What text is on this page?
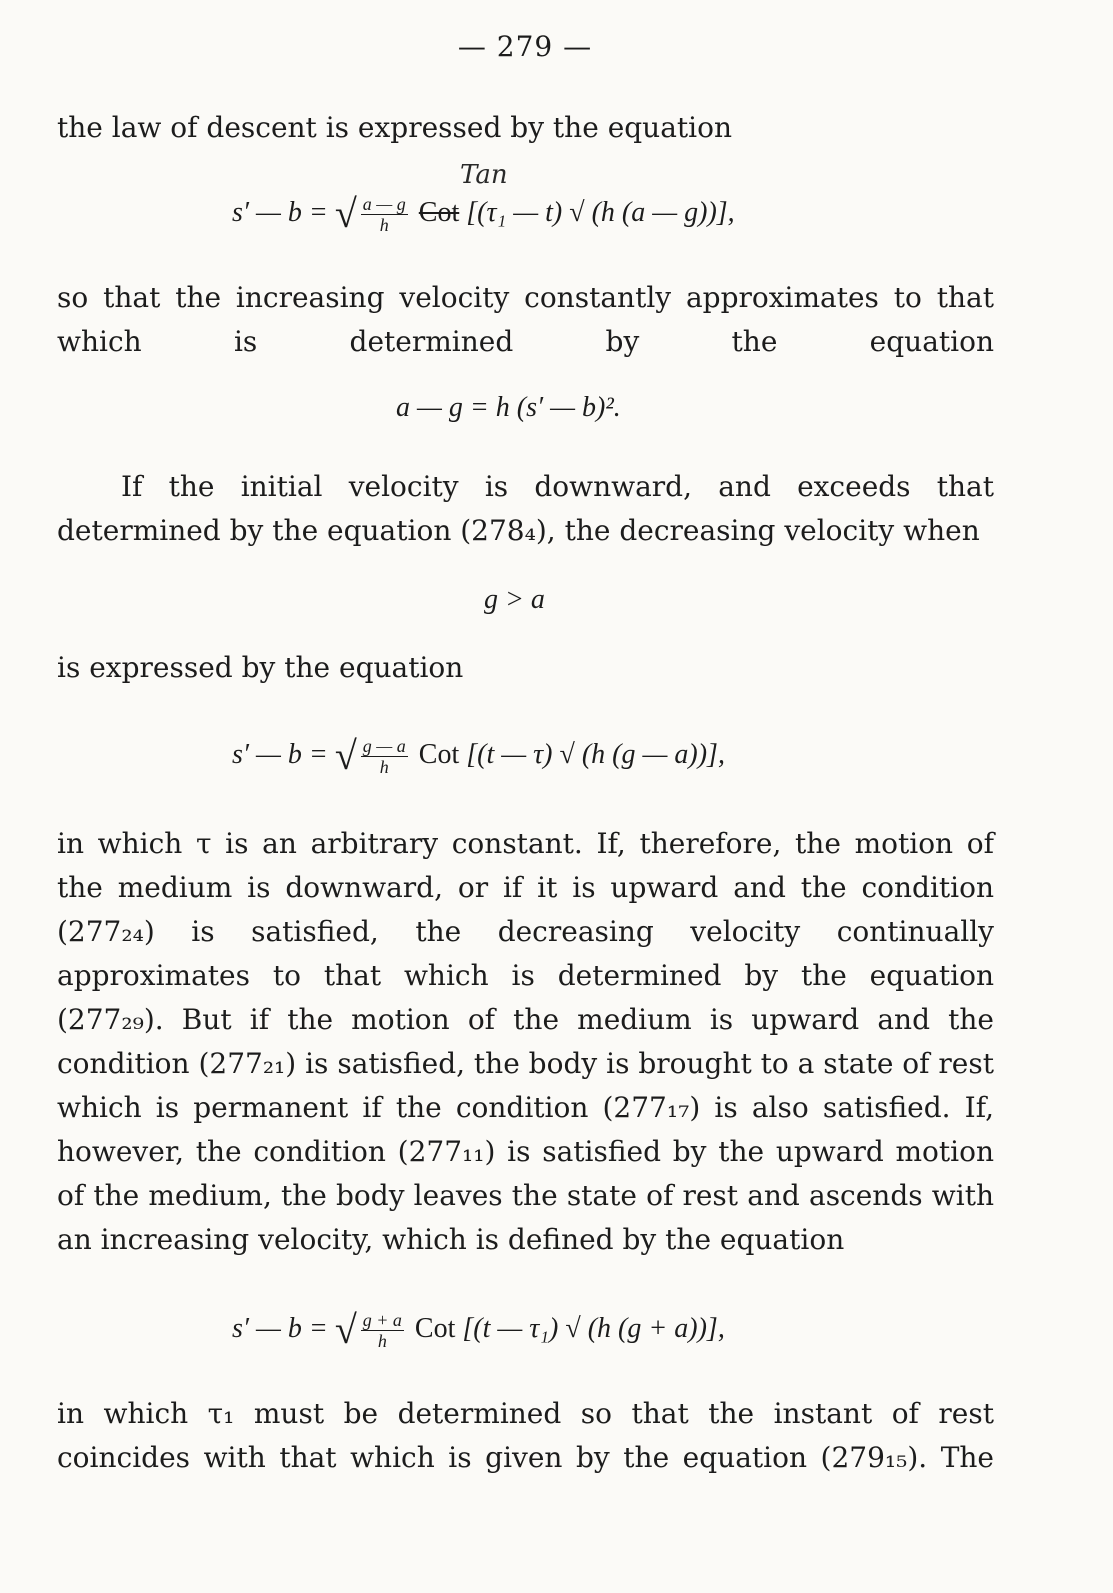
— 279 —
the law of descent is expressed by the equation
s′ — b = √ $\frac{a — g}{h}$ Cot [(τ₁ — t) √ (h (a — g))],
Tan
so that the increasing velocity constantly approximates to that which is determined by the equation
a — g = h (s′ — b)².
If the initial velocity is downward, and exceeds that determined by the equation (278₄), the decreasing velocity when
g > a
is expressed by the equation
s′ — b = √ $\frac{g — a}{h}$ Cot [(t — τ) √ (h (g — a))],
in which τ is an arbitrary constant. If, therefore, the motion of the medium is downward, or if it is upward and the condition (277₂₄) is satisfied, the decreasing velocity continually approximates to that which is determined by the equation (277₂₉). But if the motion of the medium is upward and the condition (277₂₁) is satisfied, the body is brought to a state of rest which is permanent if the condition (277₁₇) is also satisfied. If, however, the condition (277₁₁) is satisfied by the upward motion of the medium, the body leaves the state of rest and ascends with an increasing velocity, which is defined by the equation
s′ — b = √ $\frac{g + a}{h}$ Cot [(t — τ₁) √ (h (g + a))],
in which τ₁ must be determined so that the instant of rest coincides with that which is given by the equation (279₁₅). The
